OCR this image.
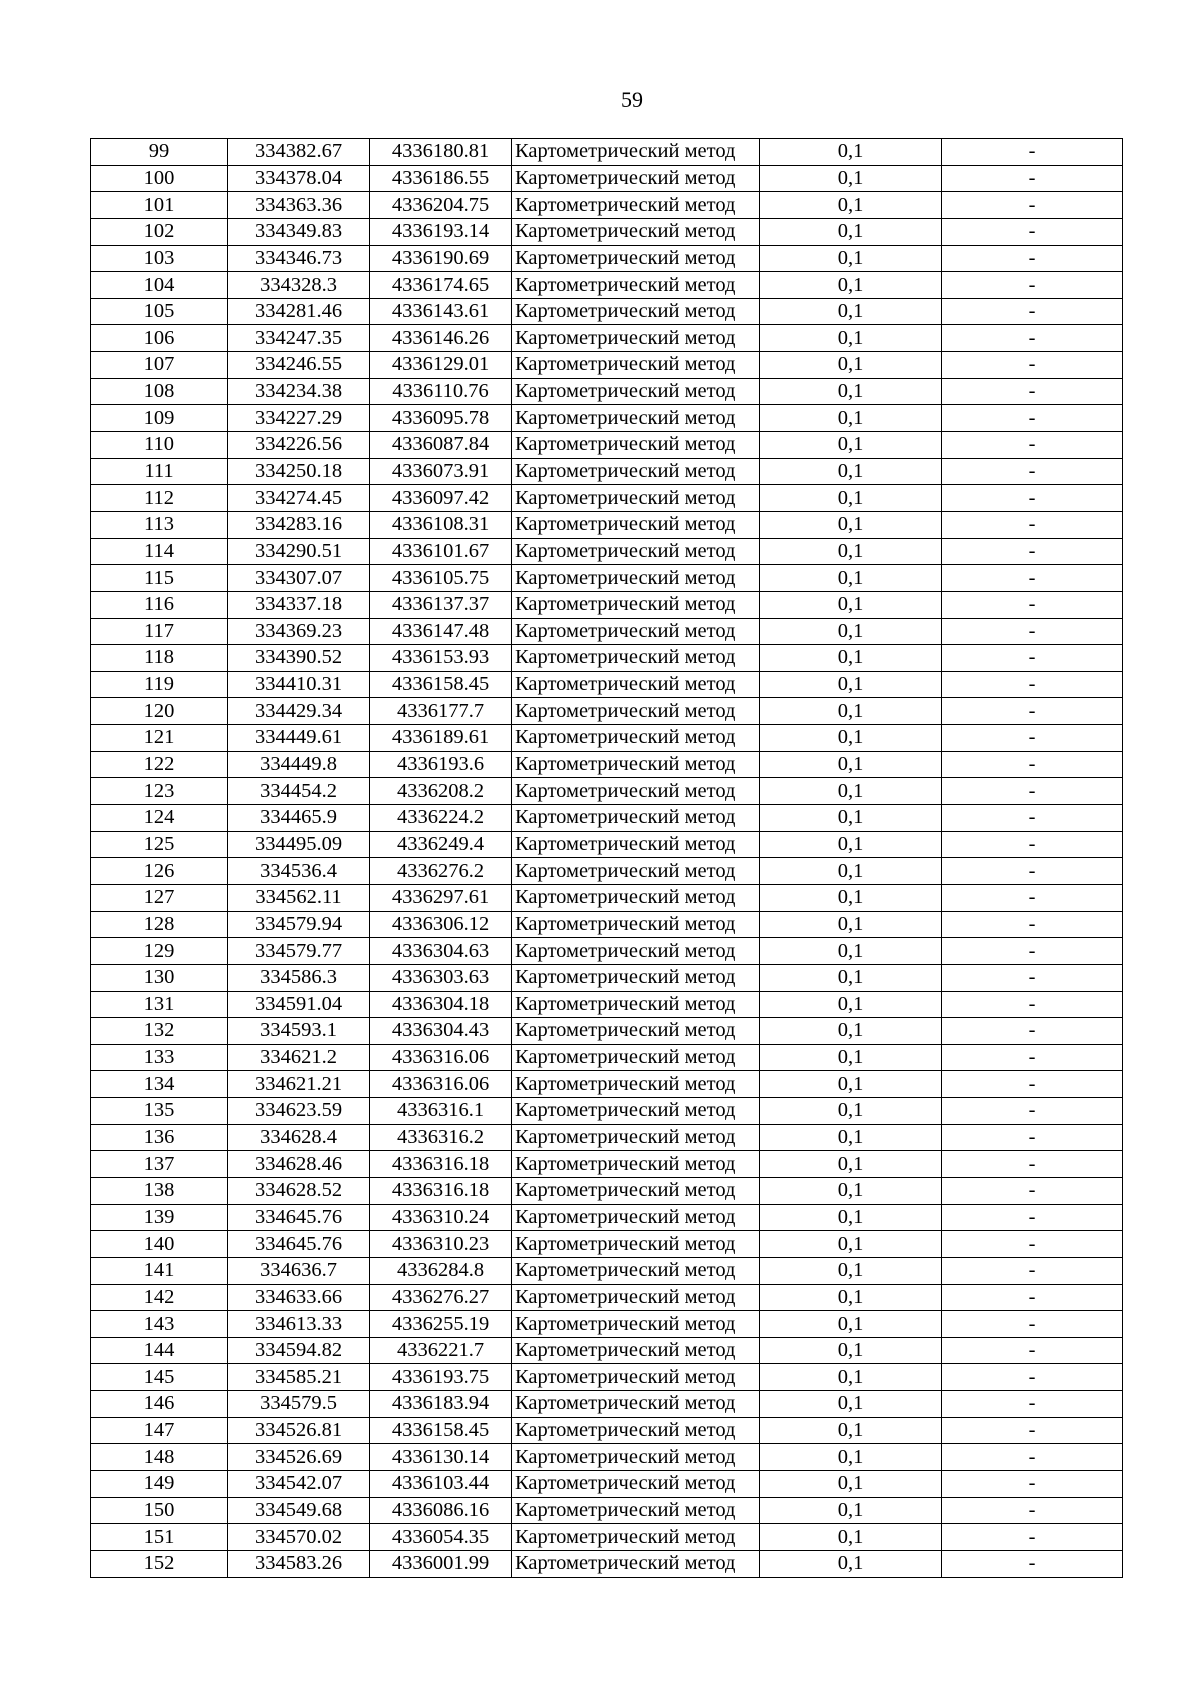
59
99	334382.67	4336180.81	Картометрический метод	0,1	-
100	334378.04	4336186.55	Картометрический метод	0,1	-
101	334363.36	4336204.75	Картометрический метод	0,1	-
102	334349.83	4336193.14	Картометрический метод	0,1	-
103	334346.73	4336190.69	Картометрический метод	0,1	-
104	334328.3	4336174.65	Картометрический метод	0,1	-
105	334281.46	4336143.61	Картометрический метод	0,1	-
106	334247.35	4336146.26	Картометрический метод	0,1	-
107	334246.55	4336129.01	Картометрический метод	0,1	-
108	334234.38	4336110.76	Картометрический метод	0,1	-
109	334227.29	4336095.78	Картометрический метод	0,1	-
110	334226.56	4336087.84	Картометрический метод	0,1	-
111	334250.18	4336073.91	Картометрический метод	0,1	-
112	334274.45	4336097.42	Картометрический метод	0,1	-
113	334283.16	4336108.31	Картометрический метод	0,1	-
114	334290.51	4336101.67	Картометрический метод	0,1	-
115	334307.07	4336105.75	Картометрический метод	0,1	-
116	334337.18	4336137.37	Картометрический метод	0,1	-
117	334369.23	4336147.48	Картометрический метод	0,1	-
118	334390.52	4336153.93	Картометрический метод	0,1	-
119	334410.31	4336158.45	Картометрический метод	0,1	-
120	334429.34	4336177.7	Картометрический метод	0,1	-
121	334449.61	4336189.61	Картометрический метод	0,1	-
122	334449.8	4336193.6	Картометрический метод	0,1	-
123	334454.2	4336208.2	Картометрический метод	0,1	-
124	334465.9	4336224.2	Картометрический метод	0,1	-
125	334495.09	4336249.4	Картометрический метод	0,1	-
126	334536.4	4336276.2	Картометрический метод	0,1	-
127	334562.11	4336297.61	Картометрический метод	0,1	-
128	334579.94	4336306.12	Картометрический метод	0,1	-
129	334579.77	4336304.63	Картометрический метод	0,1	-
130	334586.3	4336303.63	Картометрический метод	0,1	-
131	334591.04	4336304.18	Картометрический метод	0,1	-
132	334593.1	4336304.43	Картометрический метод	0,1	-
133	334621.2	4336316.06	Картометрический метод	0,1	-
134	334621.21	4336316.06	Картометрический метод	0,1	-
135	334623.59	4336316.1	Картометрический метод	0,1	-
136	334628.4	4336316.2	Картометрический метод	0,1	-
137	334628.46	4336316.18	Картометрический метод	0,1	-
138	334628.52	4336316.18	Картометрический метод	0,1	-
139	334645.76	4336310.24	Картометрический метод	0,1	-
140	334645.76	4336310.23	Картометрический метод	0,1	-
141	334636.7	4336284.8	Картометрический метод	0,1	-
142	334633.66	4336276.27	Картометрический метод	0,1	-
143	334613.33	4336255.19	Картометрический метод	0,1	-
144	334594.82	4336221.7	Картометрический метод	0,1	-
145	334585.21	4336193.75	Картометрический метод	0,1	-
146	334579.5	4336183.94	Картометрический метод	0,1	-
147	334526.81	4336158.45	Картометрический метод	0,1	-
148	334526.69	4336130.14	Картометрический метод	0,1	-
149	334542.07	4336103.44	Картометрический метод	0,1	-
150	334549.68	4336086.16	Картометрический метод	0,1	-
151	334570.02	4336054.35	Картометрический метод	0,1	-
152	334583.26	4336001.99	Картометрический метод	0,1	-
